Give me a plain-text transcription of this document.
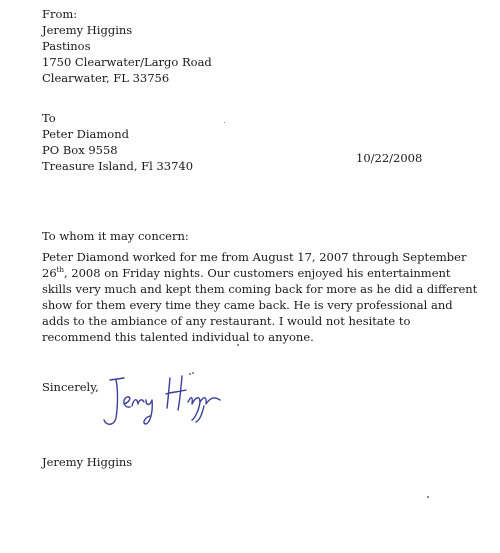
From:
Jeremy Higgins
Pastinos
1750 Clearwater/Largo Road
Clearwater, FL 33756
To
Peter Diamond
PO Box 9558
Treasure Island, Fl 33740
10/22/2008
To whom it may concern:
Peter Diamond worked for me from August 17, 2007 through September 26th, 2008 on Friday nights. Our customers enjoyed his entertainment skills very much and kept them coming back for more as he did a different show for them every time they came back. He is very professional and adds to the ambiance of any restaurant. I would not hesitate to recommend this talented individual to anyone.
Sincerely,
Jeremy Higgins
